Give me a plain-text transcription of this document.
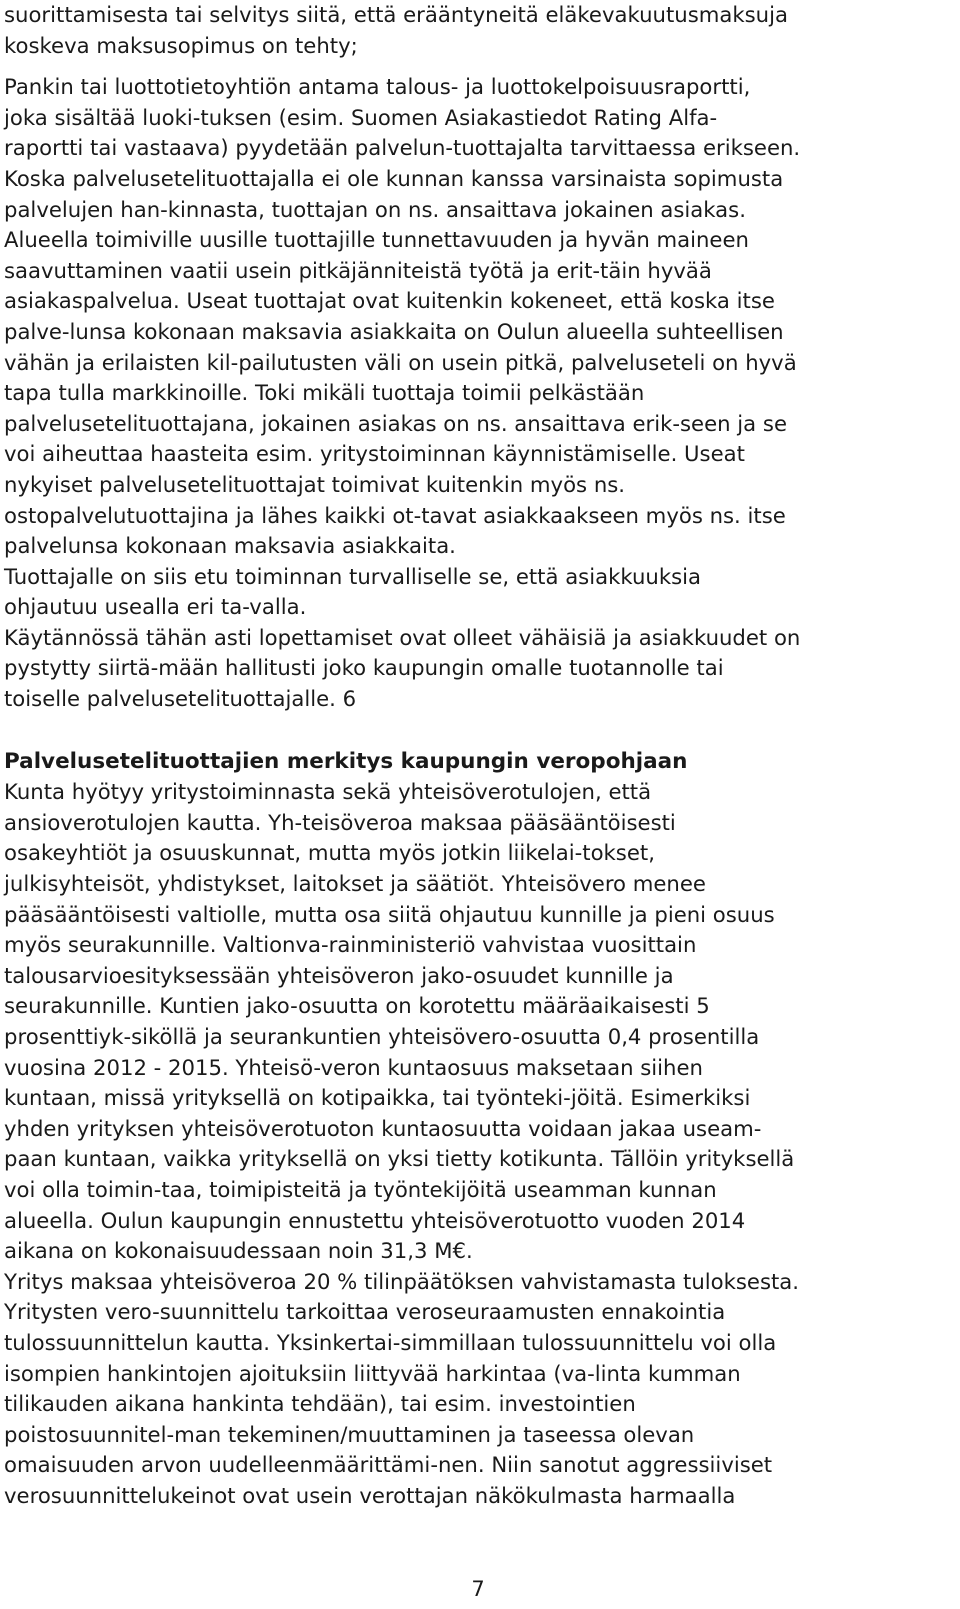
suorittamisesta tai selvitys siitä, että erääntyneitä eläkevakuutusmaksuja
koskeva maksusopimus on tehty;

Pankin tai luottotietoyhtiön antama talous- ja luottokelpoisuusraportti,
joka sisältää luoki-tuksen (esim. Suomen Asiakastiedot Rating Alfa-
raportti tai vastaava) pyydetään palvelun-tuottajalta tarvittaessa erikseen.
Koska palvelusetelituottajalla ei ole kunnan kanssa varsinaista sopimusta
palvelujen han-kinnasta, tuottajan on ns. ansaittava jokainen asiakas.
Alueella toimiville uusille tuottajille tunnettavuuden ja hyvän maineen
saavuttaminen vaatii usein pitkäjänniteistä työtä ja erit-täin hyvää
asiakaspalvelua. Useat tuottajat ovat kuitenkin kokeneet, että koska itse
palve-lunsa kokonaan maksavia asiakkaita on Oulun alueella suhteellisen
vähän ja erilaisten kil-pailutusten väli on usein pitkä, palveluseteli on hyvä
tapa tulla markkinoille. Toki mikäli tuottaja toimii pelkästään
palvelusetelituottajana, jokainen asiakas on ns. ansaittava erik-seen ja se
voi aiheuttaa haasteita esim. yritystoiminnan käynnistämiselle. Useat
nykyiset palvelusetelituottajat toimivat kuitenkin myös ns.
ostopalvelutuottajina ja lähes kaikki ot-tavat asiakkaakseen myös ns. itse
palvelunsa kokonaan maksavia asiakkaita.
Tuottajalle on siis etu toiminnan turvalliselle se, että asiakkuuksia
ohjautuu usealla eri ta-valla.
Käytännössä tähän asti lopettamiset ovat olleet vähäisiä ja asiakkuudet on
pystytty siirtä-mään hallitusti joko kaupungin omalle tuotannolle tai
toiselle palvelusetelituottajalle. 6

Palvelusetelituottajien merkitys kaupungin veropohjaan

Kunta hyötyy yritystoiminnasta sekä yhteisöverotulojen, että
ansioverotulojen kautta. Yh-teisöveroa maksaa pääsääntöisesti
osakeyhtiöt ja osuuskunnat, mutta myös jotkin liikelai-tokset,
julkisyhteisöt, yhdistykset, laitokset ja säätiöt. Yhteisövero menee
pääsääntöisesti valtiolle, mutta osa siitä ohjautuu kunnille ja pieni osuus
myös seurakunnille. Valtionva-rainministeriö vahvistaa vuosittain
talousarvioesityksessään yhteisöveron jako-osuudet kunnille ja
seurakunnille. Kuntien jako-osuutta on korotettu määräaikaisesti 5
prosenttiyk-siköllä ja seurankuntien yhteisövero-osuutta 0,4 prosentilla
vuosina 2012 - 2015. Yhteisö-veron kuntaosuus maksetaan siihen
kuntaan, missä yrityksellä on kotipaikka, tai työnteki-jöitä. Esimerkiksi
yhden yrityksen yhteisöverotuoton kuntaosuutta voidaan jakaa useam-
paan kuntaan, vaikka yrityksellä on yksi tietty kotikunta. Tällöin yrityksellä
voi olla toimin-taa, toimipisteitä ja työntekijöitä useamman kunnan
alueella. Oulun kaupungin ennustettu yhteisöverotuotto vuoden 2014
aikana on kokonaisuudessaan noin 31,3 M€.
Yritys maksaa yhteisöveroa 20 % tilinpäätöksen vahvistamasta tuloksesta.
Yritysten vero-suunnittelu tarkoittaa veroseuraamusten ennakointia
tulossuunnittelun kautta. Yksinkertai-simmillaan tulossuunnittelu voi olla
isompien hankintojen ajoituksiin liittyvää harkintaa (va-linta kumman
tilikauden aikana hankinta tehdään), tai esim. investointien
poistosuunnitel-man tekeminen/muuttaminen ja taseessa olevan
omaisuuden arvon uudelleenmäärittämi-nen. Niin sanotut aggressiiviset
verosuunnittelukeinot ovat usein verottajan näkökulmasta harmaalla

7
